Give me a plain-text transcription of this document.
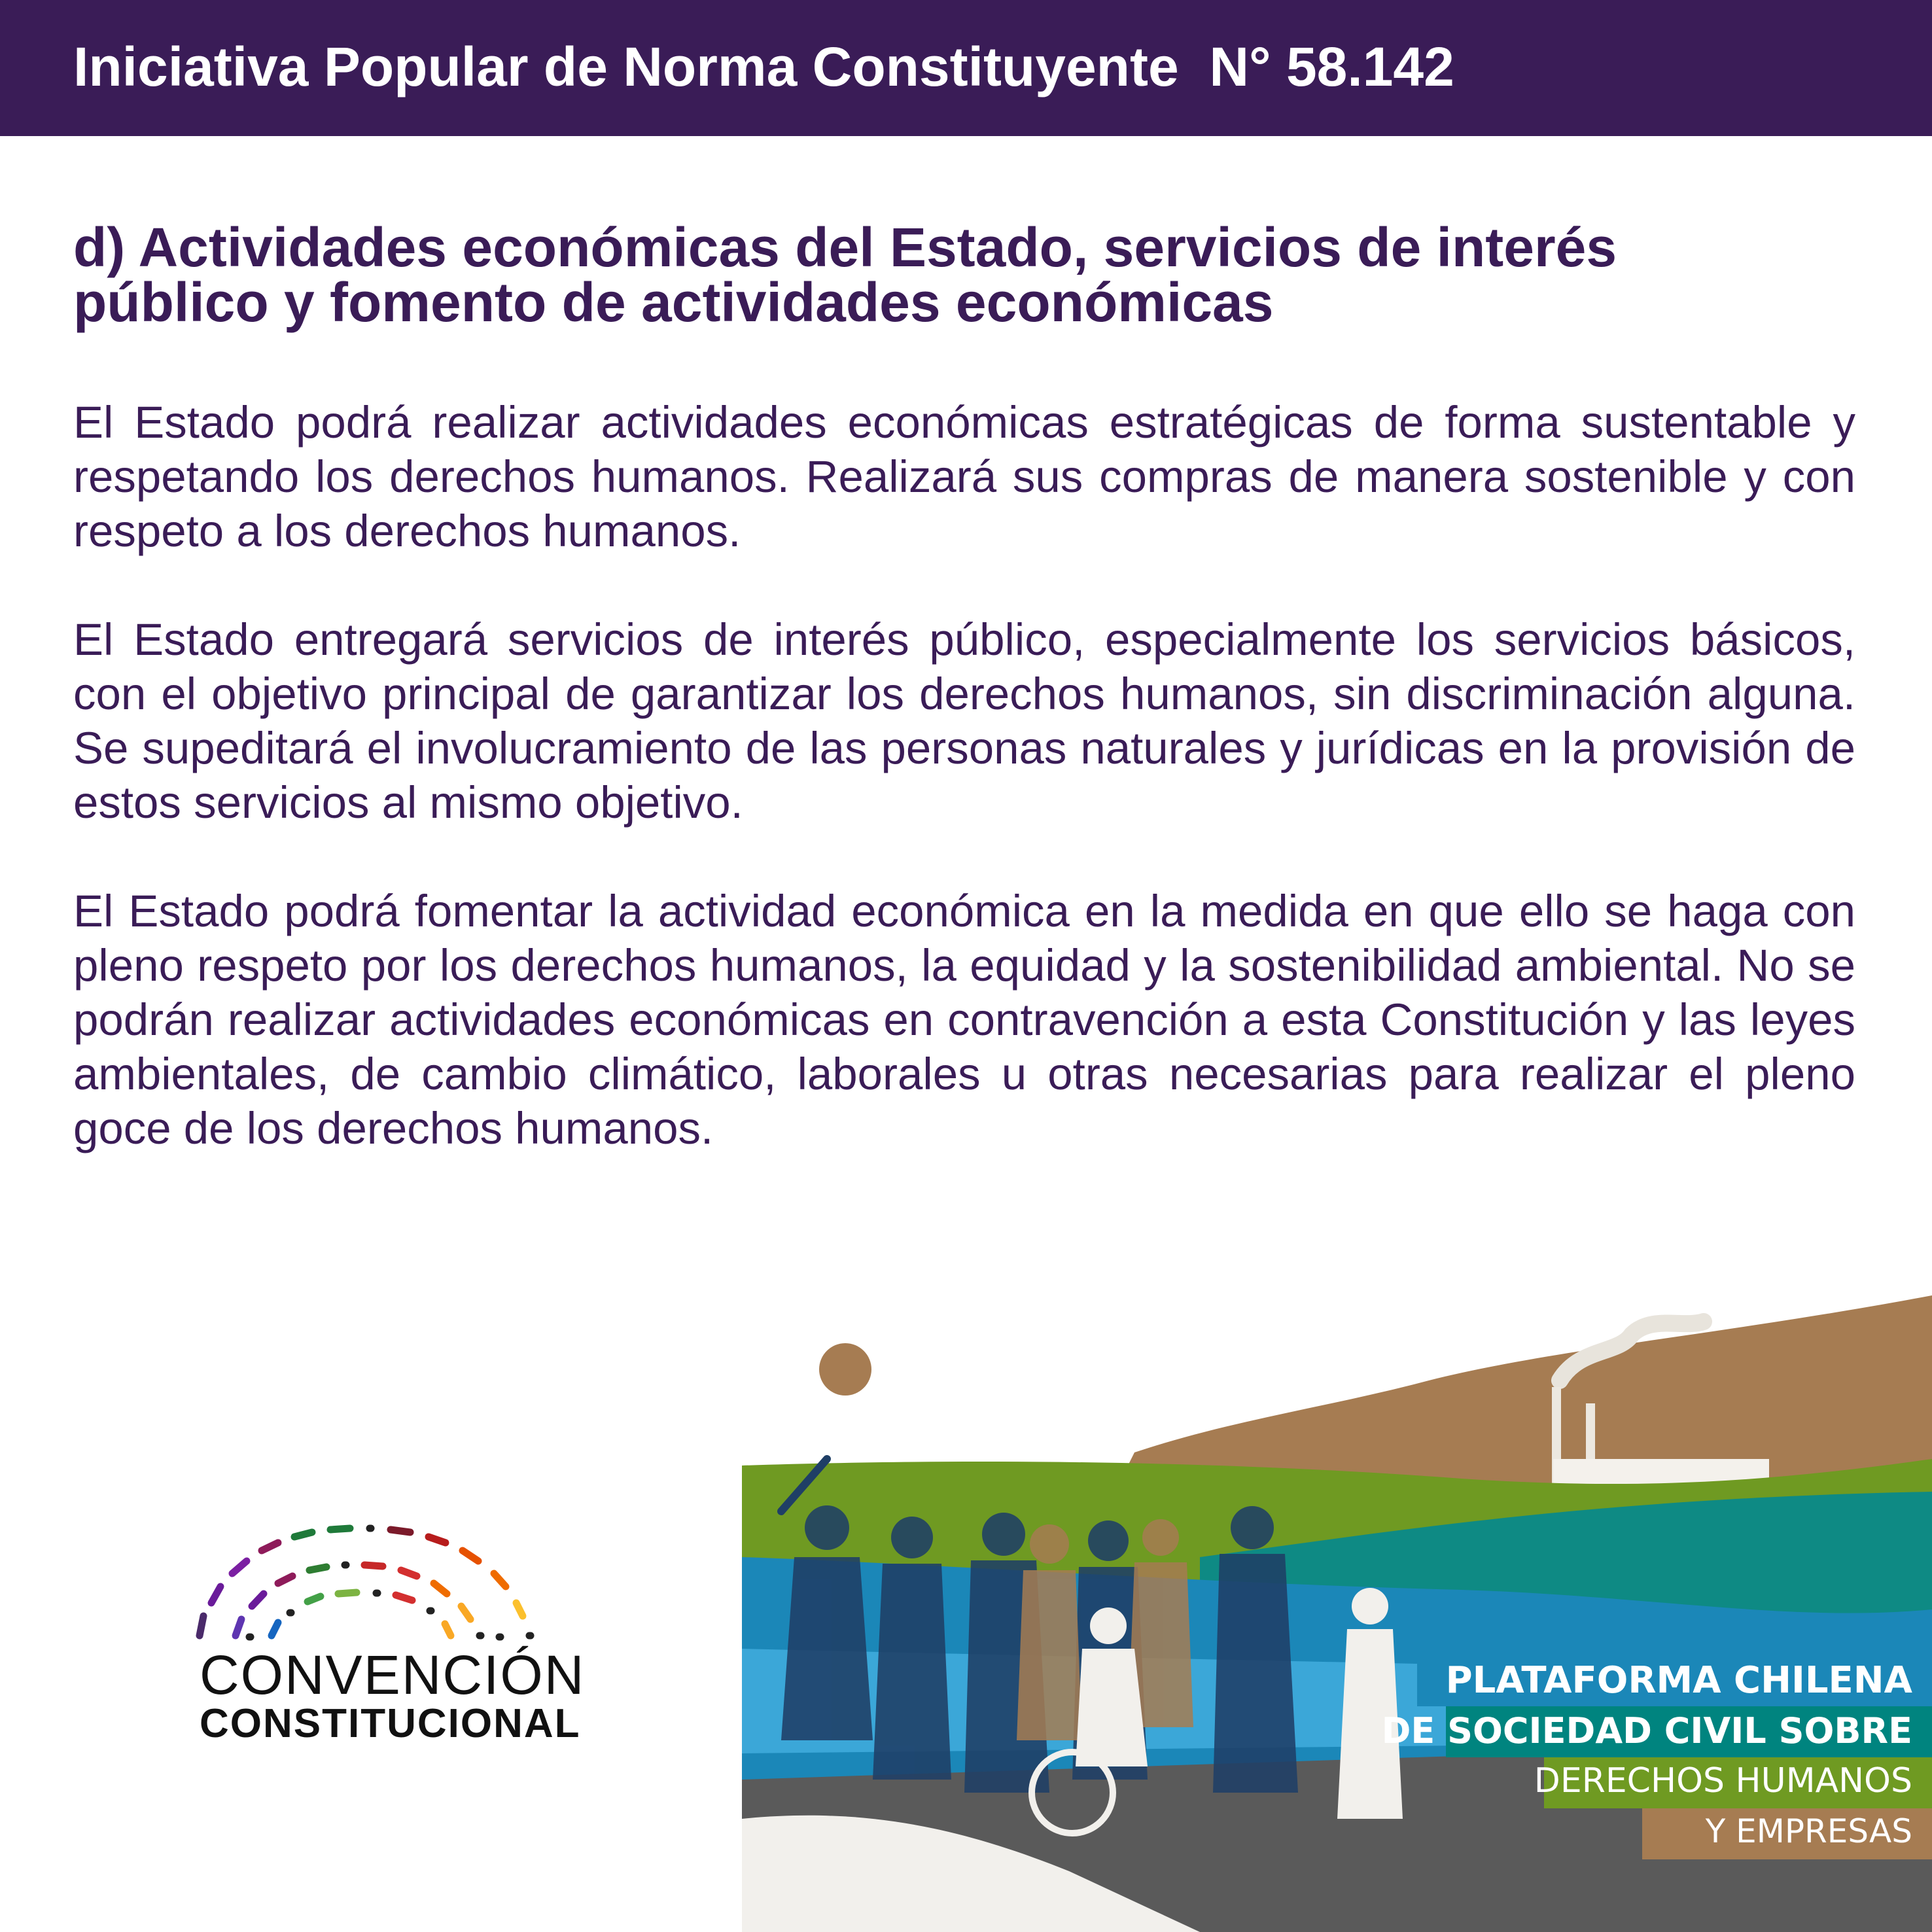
Iniciativa Popular de Norma Constituyente  N° 58.142
d) Actividades económicas del Estado, servicios de interés
público y fomento de actividades económicas

El Estado podrá realizar actividades económicas estratégicas de forma sustentable y respetando los derechos humanos. Realizará sus compras de manera sostenible y con respeto a los derechos humanos.

El Estado entregará servicios de interés público, especialmente los servicios básicos, con el objetivo principal de garantizar los derechos humanos, sin discriminación alguna. Se supeditará el involucramiento de las personas naturales y jurídicas en la provisión de estos servicios al mismo objetivo.

El Estado podrá fomentar la actividad económica en la medida en que ello se haga con pleno respeto por los derechos humanos, la equidad y la sostenibilidad ambiental. No se podrán realizar actividades económicas en contravención a esta Constitución y las leyes ambientales, de cambio climático, laborales u otras necesarias para realizar el pleno goce de los derechos humanos.

CONVENCIÓN
CONSTITUCIONAL
PLATAFORMA CHILENA
DE SOCIEDAD CIVIL SOBRE
DERECHOS HUMANOS
Y EMPRESAS
